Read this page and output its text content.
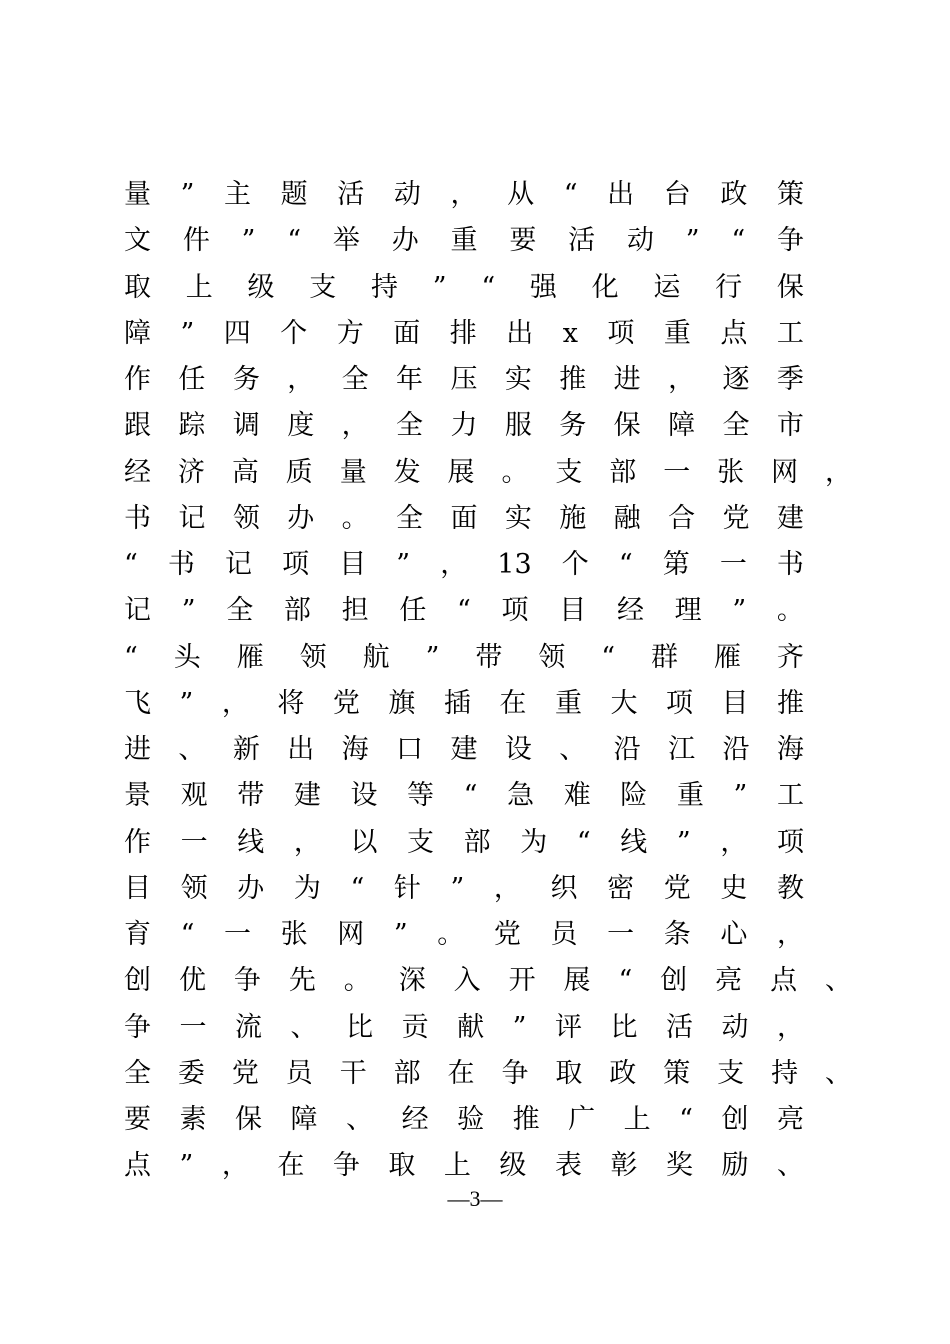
量 ” 主 题 活 动 ， 从 “ 出 台 政 策
文 件 ” “ 举 办 重 要 活 动 ” “ 争
取 上 级 支 持 ” “ 强 化 运 行 保
障 ” 四 个 方 面 排 出 x 项 重 点 工
作 任 务 ， 全 年 压 实 推 进 ， 逐 季
跟 踪 调 度 ， 全 力 服 务 保 障 全 市
经 济 高 质 量 发 展 。 支 部 一 张 网 ，
书 记 领 办 。 全 面 实 施 融 合 党 建
“ 书 记 项 目 ” ， 13 个 “ 第 一 书
记 ” 全 部 担 任 “ 项 目 经 理 ” 。
“ 头 雁 领 航 ” 带 领 “ 群 雁 齐
飞 ” ， 将 党 旗 插 在 重 大 项 目 推
进 、 新 出 海 口 建 设 、 沿 江 沿 海
景 观 带 建 设 等 “ 急 难 险 重 ” 工
作 一 线 ， 以 支 部 为 “ 线 ” ， 项
目 领 办 为 “ 针 ” ， 织 密 党 史 教
育 “ 一 张 网 ” 。 党 员 一 条 心 ，
创 优 争 先 。 深 入 开 展 “ 创 亮 点 、
争 一 流 、 比 贡 献 ” 评 比 活 动 ，
全 委 党 员 干 部 在 争 取 政 策 支 持 、
要 素 保 障 、 经 验 推 广 上 “ 创 亮
点 ” ， 在 争 取 上 级 表 彰 奖 励 、
—3—
